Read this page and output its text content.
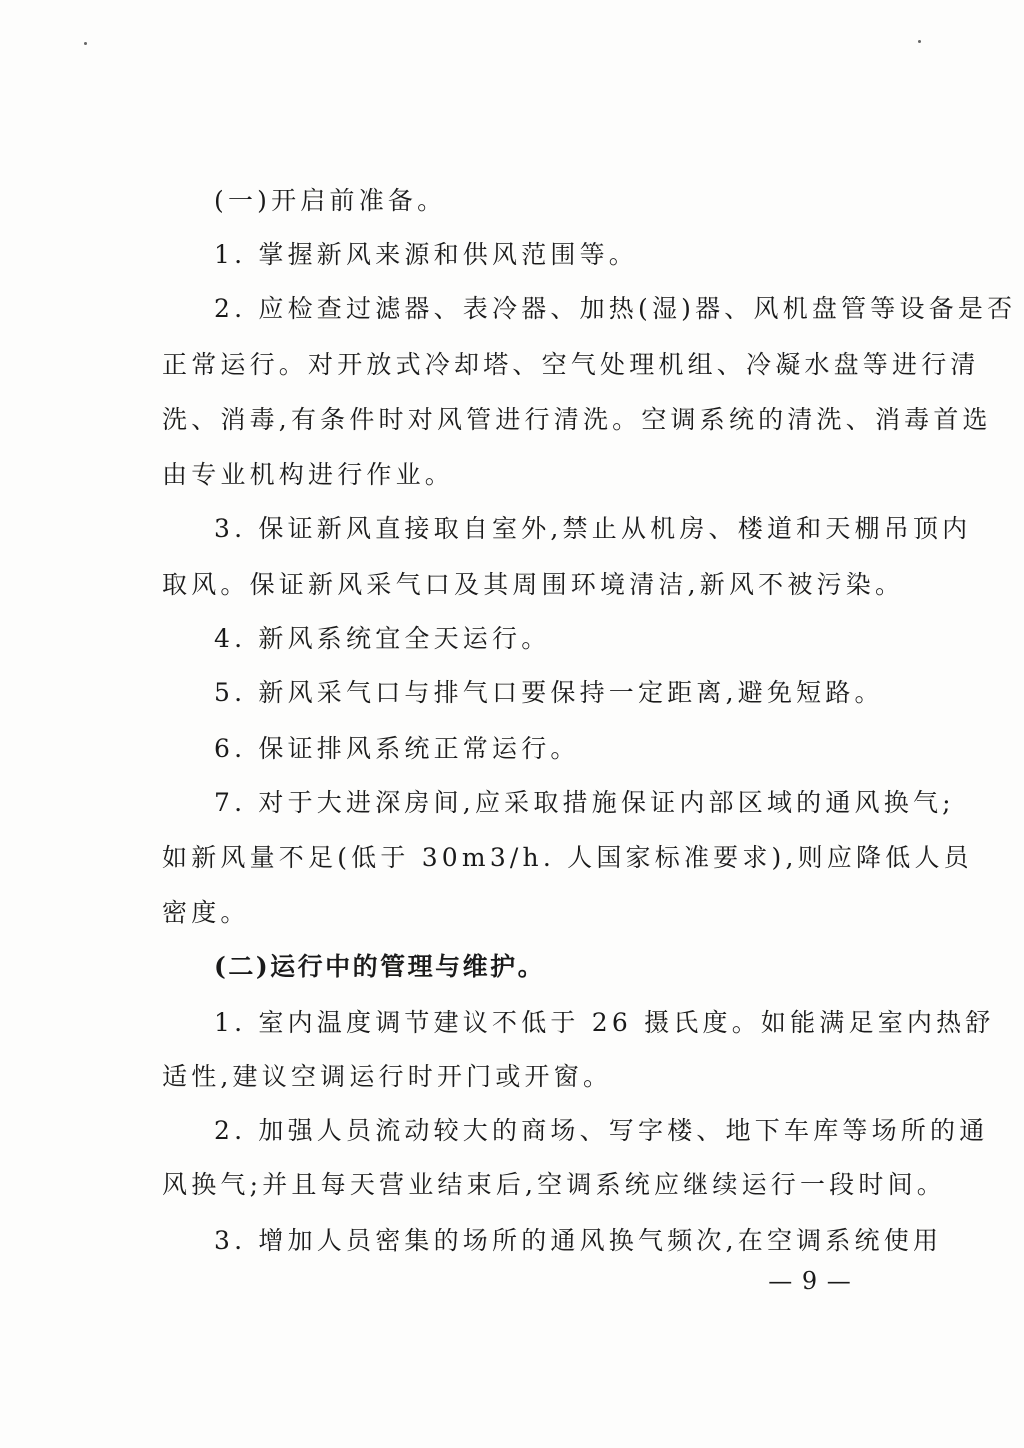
(一)开启前准备。
1. 掌握新风来源和供风范围等。
2. 应检查过滤器、表冷器、加热(湿)器、风机盘管等设备是否
正常运行。对开放式冷却塔、空气处理机组、冷凝水盘等进行清
洗、消毒,有条件时对风管进行清洗。空调系统的清洗、消毒首选
由专业机构进行作业。
3. 保证新风直接取自室外,禁止从机房、楼道和天棚吊顶内
取风。保证新风采气口及其周围环境清洁,新风不被污染。
4. 新风系统宜全天运行。
5. 新风采气口与排气口要保持一定距离,避免短路。
6. 保证排风系统正常运行。
7. 对于大进深房间,应采取措施保证内部区域的通风换气;
如新风量不足(低于 30m3/h. 人国家标准要求),则应降低人员
密度。
(二)运行中的管理与维护。
1. 室内温度调节建议不低于 26 摄氏度。如能满足室内热舒
适性,建议空调运行时开门或开窗。
2. 加强人员流动较大的商场、写字楼、地下车库等场所的通
风换气;并且每天营业结束后,空调系统应继续运行一段时间。
3. 增加人员密集的场所的通风换气频次,在空调系统使用
— 9 —
